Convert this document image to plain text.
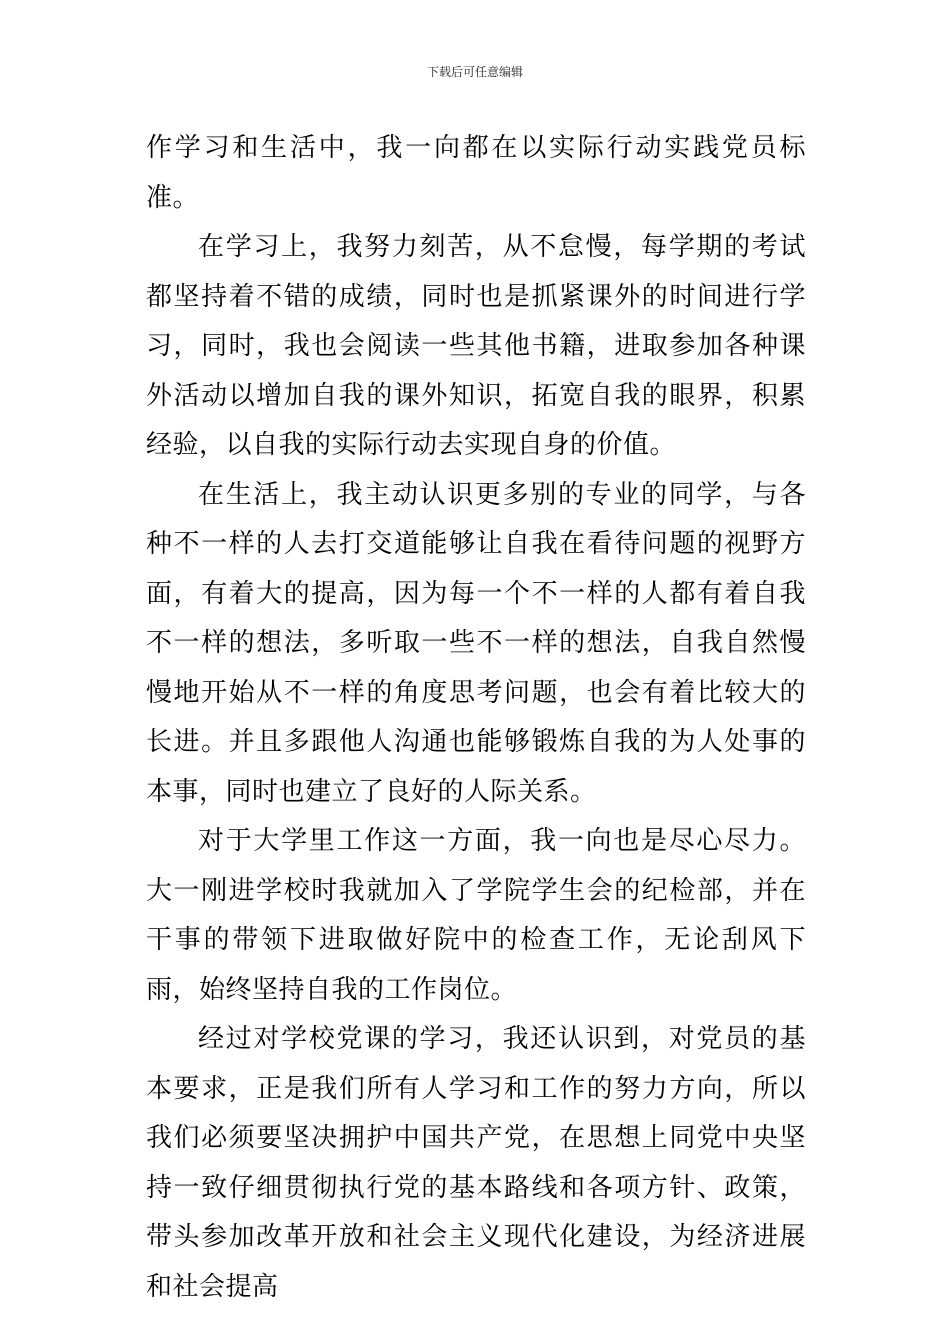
下载后可任意编辑

作学习和生活中，我一向都在以实际行动实践党员标准。

在学习上，我努力刻苦，从不怠慢，每学期的考试都坚持着不错的成绩，同时也是抓紧课外的时间进行学习，同时，我也会阅读一些其他书籍，进取参加各种课外活动以增加自我的课外知识，拓宽自我的眼界，积累经验，以自我的实际行动去实现自身的价值。

在生活上，我主动认识更多别的专业的同学，与各种不一样的人去打交道能够让自我在看待问题的视野方面，有着大的提高，因为每一个不一样的人都有着自我不一样的想法，多听取一些不一样的想法，自我自然慢慢地开始从不一样的角度思考问题，也会有着比较大的长进。并且多跟他人沟通也能够锻炼自我的为人处事的本事，同时也建立了良好的人际关系。

对于大学里工作这一方面，我一向也是尽心尽力。大一刚进学校时我就加入了学院学生会的纪检部，并在干事的带领下进取做好院中的检查工作，无论刮风下雨，始终坚持自我的工作岗位。

经过对学校党课的学习，我还认识到，对党员的基本要求，正是我们所有人学习和工作的努力方向，所以我们必须要坚决拥护中国共产党，在思想上同党中央坚持一致仔细贯彻执行党的基本路线和各项方针、政策，带头参加改革开放和社会主义现代化建设，为经济进展和社会提高
